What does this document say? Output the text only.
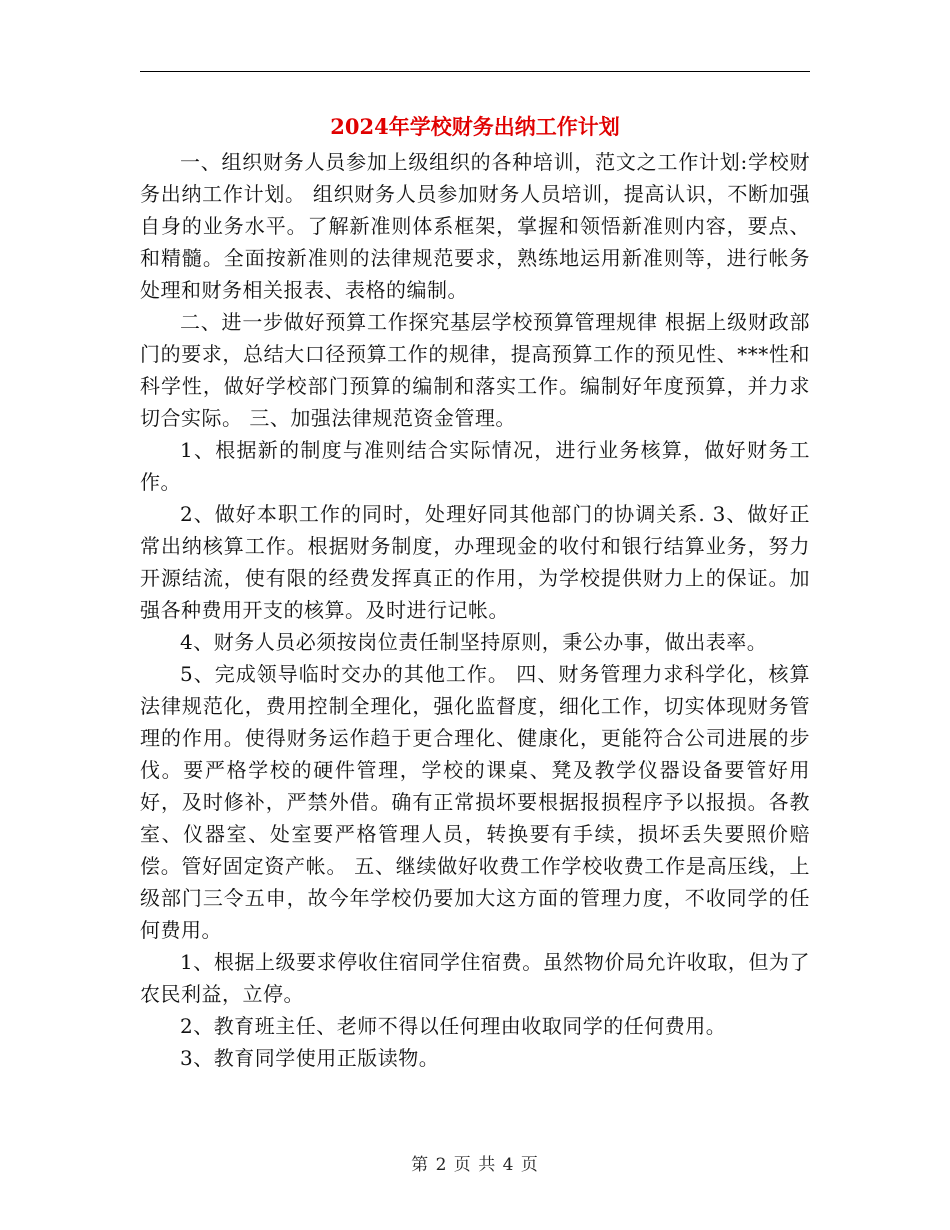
2024年学校财务出纳工作计划

一、组织财务人员参加上级组织的各种培训，范文之工作计划:学校财务出纳工作计划。 组织财务人员参加财务人员培训，提高认识，不断加强自身的业务水平。了解新准则体系框架，掌握和领悟新准则内容，要点、和精髓。全面按新准则的法律规范要求，熟练地运用新准则等，进行帐务处理和财务相关报表、表格的编制。

二、进一步做好预算工作探究基层学校预算管理规律 根据上级财政部门的要求，总结大口径预算工作的规律，提高预算工作的预见性、***性和科学性，做好学校部门预算的编制和落实工作。编制好年度预算，并力求切合实际。 三、加强法律规范资金管理。

1、根据新的制度与准则结合实际情况，进行业务核算，做好财务工作。

2、做好本职工作的同时，处理好同其他部门的协调关系. 3、做好正常出纳核算工作。根据财务制度，办理现金的收付和银行结算业务，努力开源结流，使有限的经费发挥真正的作用，为学校提供财力上的保证。加强各种费用开支的核算。及时进行记帐。

4、财务人员必须按岗位责任制坚持原则，秉公办事，做出表率。

5、完成领导临时交办的其他工作。 四、财务管理力求科学化，核算法律规范化，费用控制全理化，强化监督度，细化工作，切实体现财务管理的作用。使得财务运作趋于更合理化、健康化，更能符合公司进展的步伐。要严格学校的硬件管理，学校的课桌、凳及教学仪器设备要管好用好，及时修补，严禁外借。确有正常损坏要根据报损程序予以报损。各教室、仪器室、处室要严格管理人员，转换要有手续，损坏丢失要照价赔偿。管好固定资产帐。 五、继续做好收费工作学校收费工作是高压线，上级部门三令五申，故今年学校仍要加大这方面的管理力度，不收同学的任何费用。

1、根据上级要求停收住宿同学住宿费。虽然物价局允许收取，但为了农民利益，立停。

2、教育班主任、老师不得以任何理由收取同学的任何费用。

3、教育同学使用正版读物。

第 2 页 共 4 页
